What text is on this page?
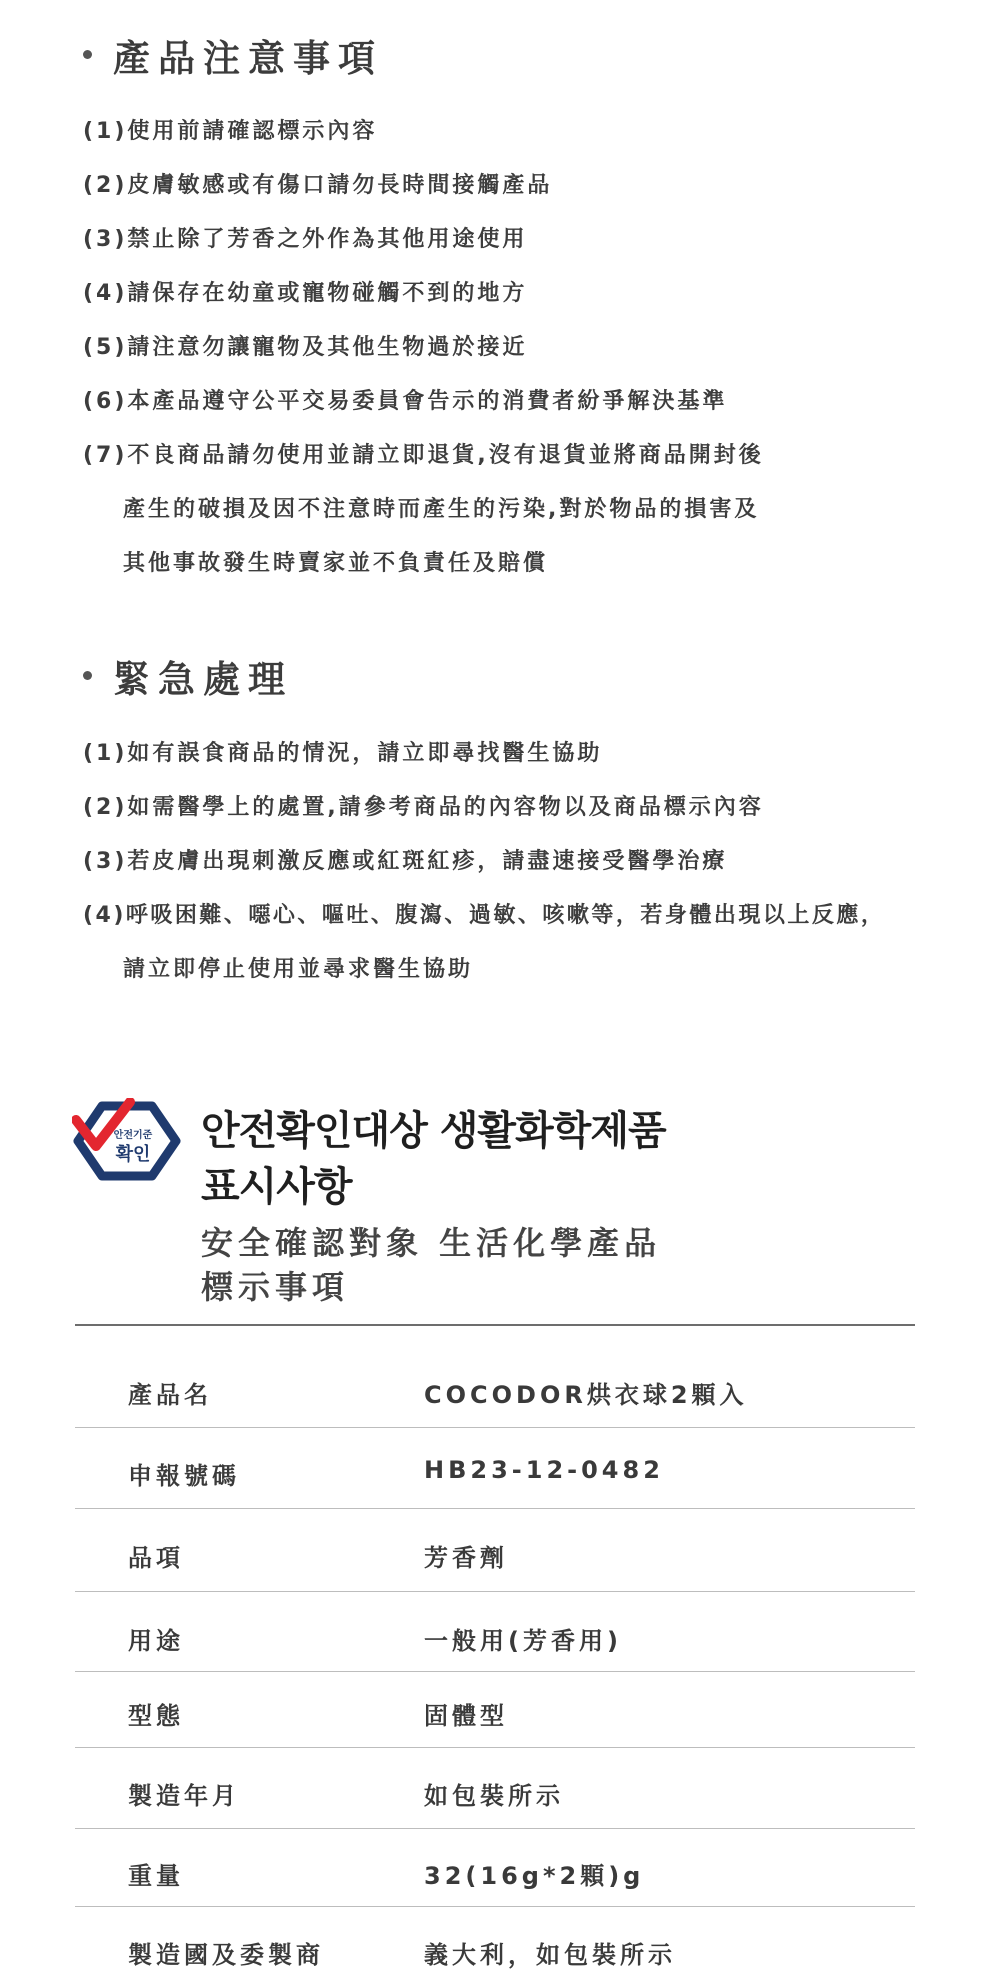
產品注意事項
(1)使用前請確認標示內容
(2)皮膚敏感或有傷口請勿長時間接觸產品
(3)禁止除了芳香之外作為其他用途使用
(4)請保存在幼童或寵物碰觸不到的地方
(5)請注意勿讓寵物及其他生物過於接近
(6)本產品遵守公平交易委員會告示的消費者紛爭解決基準
(7)不良商品請勿使用並請立即退貨,沒有退貨並將商品開封後
產生的破損及因不注意時而產生的污染,對於物品的損害及
其他事故發生時賣家並不負責任及賠償
緊急處理
(1)如有誤食商品的情況，請立即尋找醫生協助
(2)如需醫學上的處置,請參考商品的內容物以及商品標示內容
(3)若皮膚出現刺激反應或紅斑紅疹，請盡速接受醫學治療
(4)呼吸困難、噁心、嘔吐、腹瀉、過敏、咳嗽等，若身體出現以上反應，
請立即停止使用並尋求醫生協助
안전기준
확인
안전확인대상 생활화학제품
표시사항
安全確認對象 生活化學產品
標示事項
產品名	COCODOR烘衣球2顆入
申報號碼	HB23-12-0482
品項	芳香劑
用途	一般用(芳香用)
型態	固體型
製造年月	如包裝所示
重量	32(16g*2顆)g
製造國及委製商	義大利，如包裝所示
